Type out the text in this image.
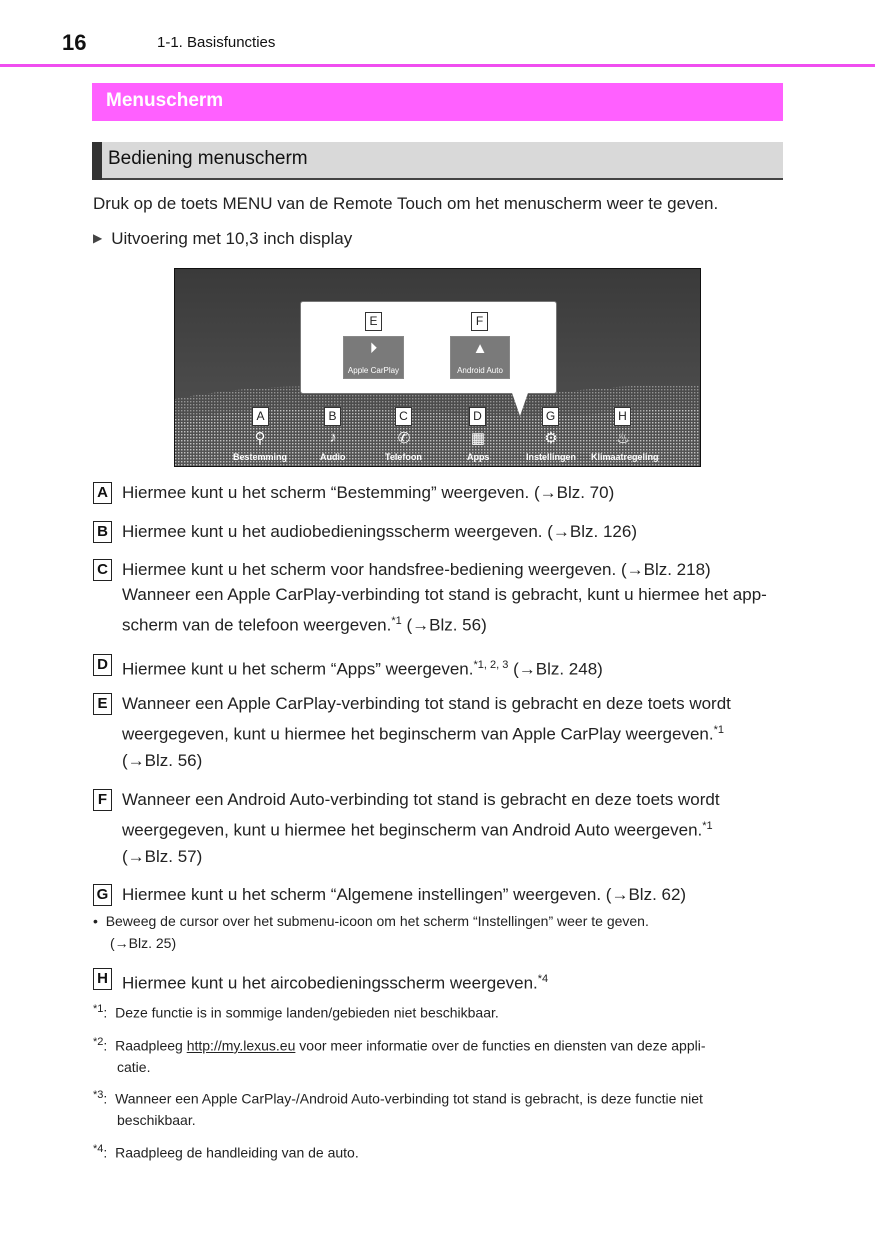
16	1-1. Basisfuncties
Menuscherm
Bediening menuscherm
Druk op de toets MENU van de Remote Touch om het menuscherm weer te geven.
▶ Uitvoering met 10,3 inch display
E	F
⏵
Apple CarPlay
▲
Android Auto
A	B	C	D	G	H
⚲	♪	✆	▦	⚙	♨
Bestemming	Audio	Telefoon	Apps	Instellingen Klimaatregeling
A Hiermee kunt u het scherm “Bestemming” weergeven. (→Blz. 70)
B Hiermee kunt u het audiobedieningsscherm weergeven. (→Blz. 126)
C Hiermee kunt u het scherm voor handsfree-bediening weergeven. (→Blz. 218)
Wanneer een Apple CarPlay-verbinding tot stand is gebracht, kunt u hiermee het app-
scherm van de telefoon weergeven.$^{*1}$ (→Blz. 56)
D Hiermee kunt u het scherm “Apps” weergeven.$^{*1, 2, 3}$ (→Blz. 248)
E Wanneer een Apple CarPlay-verbinding tot stand is gebracht en deze toets wordt
weergegeven, kunt u hiermee het beginscherm van Apple CarPlay weergeven.$^{*1}$
(→Blz. 56)
F Wanneer een Android Auto-verbinding tot stand is gebracht en deze toets wordt
weergegeven, kunt u hiermee het beginscherm van Android Auto weergeven.$^{*1}$
(→Blz. 57)
G Hiermee kunt u het scherm “Algemene instellingen” weergeven. (→Blz. 62)
•  Beweeg de cursor over het submenu-icoon om het scherm “Instellingen” weer te geven.
(→Blz. 25)
H Hiermee kunt u het aircobedieningsscherm weergeven.$^{*4}$
$^{*1}$:  Deze functie is in sommige landen/gebieden niet beschikbaar.
$^{*2}$:  Raadpleeg http://my.lexus.eu voor meer informatie over de functies en diensten van deze appli-
catie.
$^{*3}$:  Wanneer een Apple CarPlay-/Android Auto-verbinding tot stand is gebracht, is deze functie niet
beschikbaar.
$^{*4}$:  Raadpleeg de handleiding van de auto.
